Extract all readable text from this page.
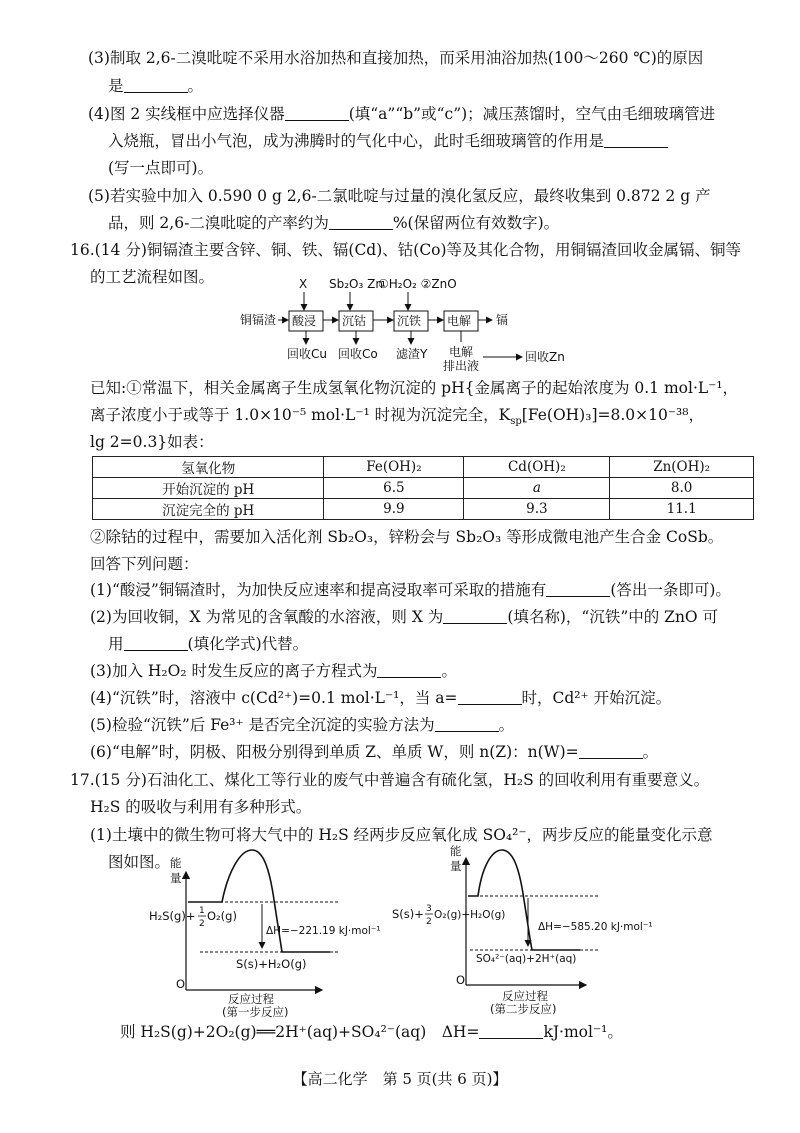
(3)制取 2,6-二溴吡啶不采用水浴加热和直接加热，而采用油浴加热(100～260 ℃)的原因
是	。
(4)图 2 实线框中应选择仪器	(填“a”“b”或“c”)；减压蒸馏时，空气由毛细玻璃管进
入烧瓶，冒出小气泡，成为沸腾时的气化中心，此时毛细玻璃管的作用是
(写一点即可)。
(5)若实验中加入 0.590 0 g 2,6-二氯吡啶与过量的溴化氢反应，最终收集到 0.872 2 g 产
品，则 2,6-二溴吡啶的产率约为	%(保留两位有效数字)。
16.(14 分)铜镉渣主要含锌、铜、铁、镉(Cd)、钴(Co)等及其化合物，用铜镉渣回收金属镉、铜等
的工艺流程如图。	X Sb₂O₃ Zn
①H₂O₂ ②ZnO
铜镉渣 酸浸 沉钴	沉铁 电解 镉
回收Cu 回收Co 滤渣Y 电解
排出液
回收Zn
已知:①常温下，相关金属离子生成氢氧化物沉淀的 pH{金属离子的起始浓度为 0.1 mol·L⁻¹，
离子浓度小于或等于 1.0×10⁻⁵ mol·L⁻¹ 时视为沉淀完全，$K_{sp}[Fe(OH)_3]=8.0\times 10^{-38}$，
lg 2=0.3}如表：
氢氧化物	Fe(OH)₂	Cd(OH)₂	Zn(OH)₂
开始沉淀的 pH	6.5	a	8.0
沉淀完全的 pH	9.9	9.3	11.1
②除钴的过程中，需要加入活化剂 Sb₂O₃，锌粉会与 Sb₂O₃ 等形成微电池产生合金 CoSb。
回答下列问题：
(1)“酸浸”铜镉渣时，为加快反应速率和提高浸取率可采取的措施有	(答出一条即可)。
(2)为回收铜，X 为常见的含氧酸的水溶液，则 X 为	(填名称)，“沉铁”中的 ZnO 可
用	(填化学式)代替。
(3)加入 H₂O₂ 时发生反应的离子方程式为	。
(4)“沉铁”时，溶液中 c(Cd²⁺)=0.1 mol·L⁻¹，当 a=	时，Cd²⁺ 开始沉淀。
(5)检验“沉铁”后 Fe³⁺ 是否完全沉淀的实验方法为	。
(6)“电解”时，阴极、阳极分别得到单质 Z、单质 W，则 n(Z)：n(W)=	。
17.(15 分)石油化工、煤化工等行业的废气中普遍含有硫化氢，H₂S 的回收利用有重要意义。
H₂S 的吸收与利用有多种形式。
(1)土壤中的微生物可将大气中的 H₂S 经两步反应氧化成 SO₄²⁻，两步反应的能量变化示意
图如图。 能
量
O
H₂S(g)+ 1
2
O₂(g)
ΔH=−221.19 kJ·mol⁻¹
S(s)+H₂O(g)
反应过程
(第一步反应)
能
量
O
S(s)+ 3
2
O₂(g)+H₂O(g)
ΔH=−585.20 kJ·mol⁻¹
SO₄²⁻(aq)+2H⁺(aq)
反应过程
(第二步反应)
则 H₂S(g)+2O₂(g)══2H⁺(aq)+SO₄²⁻(aq)　ΔH=	kJ·mol⁻¹。
【高二化学　第 5 页(共 6 页)】
